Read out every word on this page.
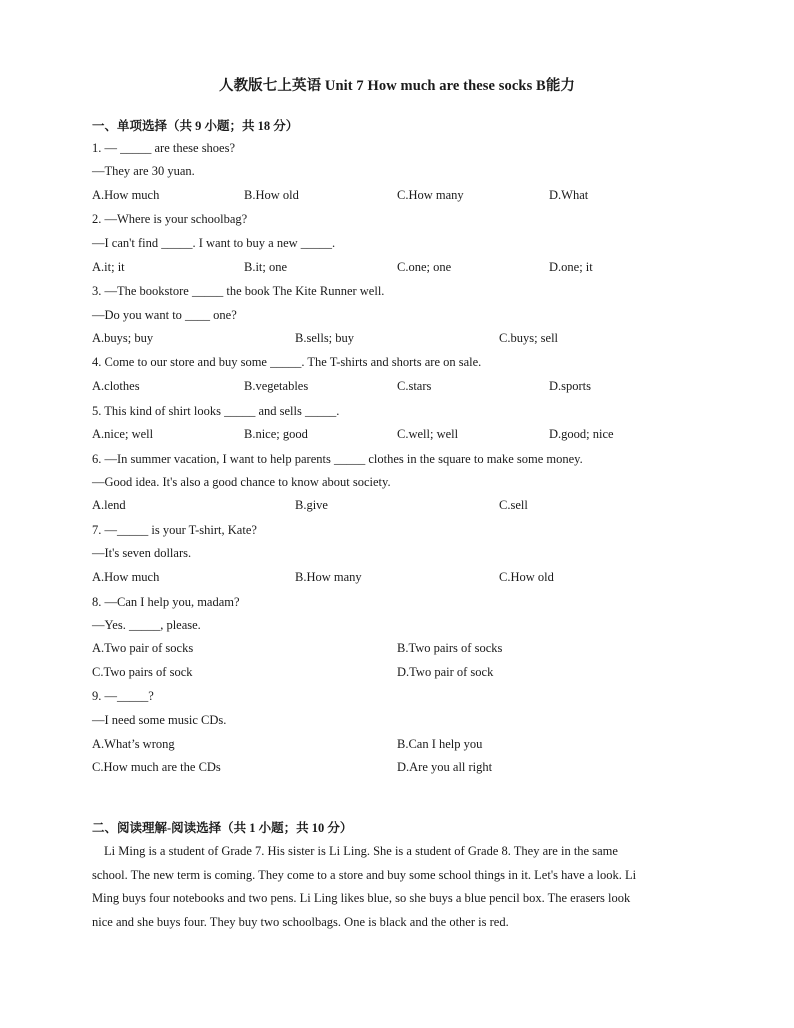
人教版七上英语 Unit 7 How much are these socks B能力
一、单项选择（共 9 小题；共 18 分）
1. — _____ are these shoes?
—They are 30 yuan.
A.How much	B.How old	C.How many	D.What
2. —Where is your schoolbag?
—I can't find _____. I want to buy a new _____.
A.it; it	B.it; one	C.one; one	D.one; it
3. —The bookstore _____ the book The Kite Runner well.
—Do you want to ____ one?
A.buys; buy	B.sells; buy	C.buys; sell
4. Come to our store and buy some _____. The T-shirts and shorts are on sale.
A.clothes	B.vegetables	C.stars	D.sports
5. This kind of shirt looks _____ and sells _____.
A.nice; well	B.nice; good	C.well; well	D.good; nice
6. —In summer vacation, I want to help parents _____ clothes in the square to make some money.
—Good idea. It's also a good chance to know about society.
A.lend	B.give	C.sell
7. —_____ is your T-shirt, Kate?
—It's seven dollars.
A.How much	B.How many	C.How old
8. —Can I help you, madam?
—Yes. _____, please.
A.Two pair of socks	B.Two pairs of socks
C.Two pairs of sock	D.Two pair of sock
9. —_____?
—I need some music CDs.
A.What’s wrong	B.Can I help you
C.How much are the CDs	D.Are you all right
二、阅读理解-阅读选择（共 1 小题；共 10 分）
Li Ming is a student of Grade 7. His sister is Li Ling. She is a student of Grade 8. They are in the same
school. The new term is coming. They come to a store and buy some school things in it. Let's have a look. Li
Ming buys four notebooks and two pens. Li Ling likes blue, so she buys a blue pencil box. The erasers look
nice and she buys four. They buy two schoolbags. One is black and the other is red.
